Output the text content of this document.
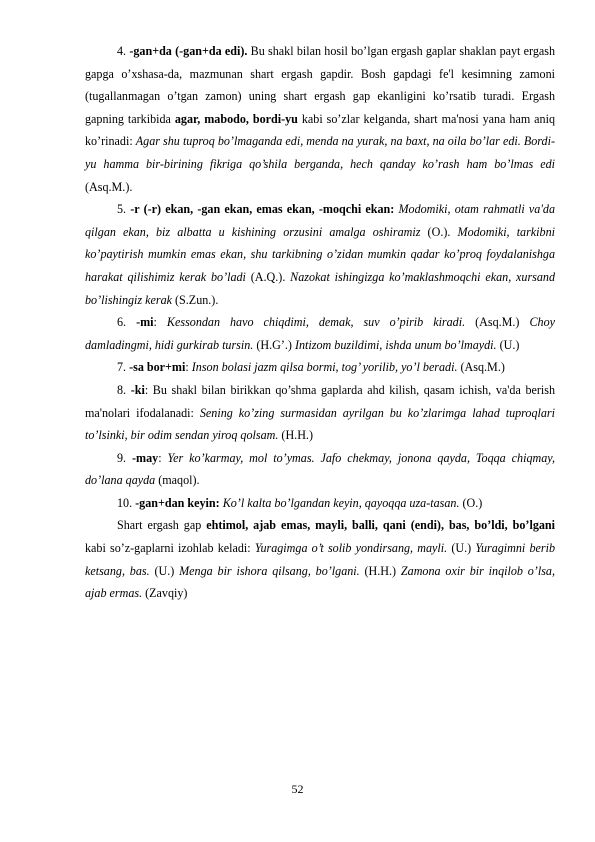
4. -gan+da (-gan+da edi). Bu shakl bilan hosil bo’lgan ergash gaplar shaklan payt ergash gapga o’xshasa-da, mazmunan shart ergash gapdir. Bosh gapdagi fe'l kesimning zamoni (tugallanmagan o’tgan zamon) uning shart ergash gap ekanligini ko’rsatib turadi. Ergash gapning tarkibida agar, mabodo, bordi-yu kabi so’zlar kelganda, shart ma'nosi yana ham aniq ko’rinadi: Agar shu tuproq bo’lmaganda edi, menda na yurak, na baxt, na oila bo’lar edi. Bordi-yu hamma bir-birining fikriga qo’shila berganda, hech qanday ko’rash ham bo’lmas edi (Asq.M.).

5. -r (-r) ekan, -gan ekan, emas ekan, -moqchi ekan: Modomiki, otam rahmatli va'da qilgan ekan, biz albatta u kishining orzusini amalga oshiramiz (O.). Modomiki, tarkibni ko’paytirish mumkin emas ekan, shu tarkibning o’zidan mumkin qadar ko’proq foydalanishga harakat qilishimiz kerak bo’ladi (A.Q.). Nazokat ishingizga ko’maklashmoqchi ekan, xursand bo’lishingiz kerak (S.Zun.).

6. -mi: Kessondan havo chiqdimi, demak, suv o’pirib kiradi. (Asq.M.) Choy damladingmi, hidi gurkirab tursin. (H.G’.) Intizom buzildimi, ishda unum bo’lmaydi. (U.)

7. -sa bor+mi: Inson bolasi jazm qilsa bormi, tog’ yorilib, yo’l beradi. (Asq.M.)

8. -ki: Bu shakl bilan birikkan qo’shma gaplarda ahd kilish, qasam ichish, va'da berish ma'nolari ifodalanadi: Sening ko’zing surmasidan ayrilgan bu ko’zlarimga lahad tuproqlari to’lsinki, bir odim sendan yiroq qolsam. (H.H.)

9. -may: Yer ko’karmay, mol to’ymas. Jafo chekmay, jonona qayda, Toqqa chiqmay, do’lana qayda (maqol).

10. -gan+dan keyin: Ko’l kalta bo’lgandan keyin, qayoqqa uza-tasan. (O.)

Shart ergash gap ehtimol, ajab emas, mayli, balli, qani (endi), bas, bo’ldi, bo’lgani kabi so’z-gaplarni izohlab keladi: Yuragimga o’t solib yondirsang, mayli. (U.) Yuragimni berib ketsang, bas. (U.) Menga bir ishora qilsang, bo’lgani. (H.H.) Zamona oxir bir inqilob o’lsa, ajab ermas. (Zavqiy)

52
